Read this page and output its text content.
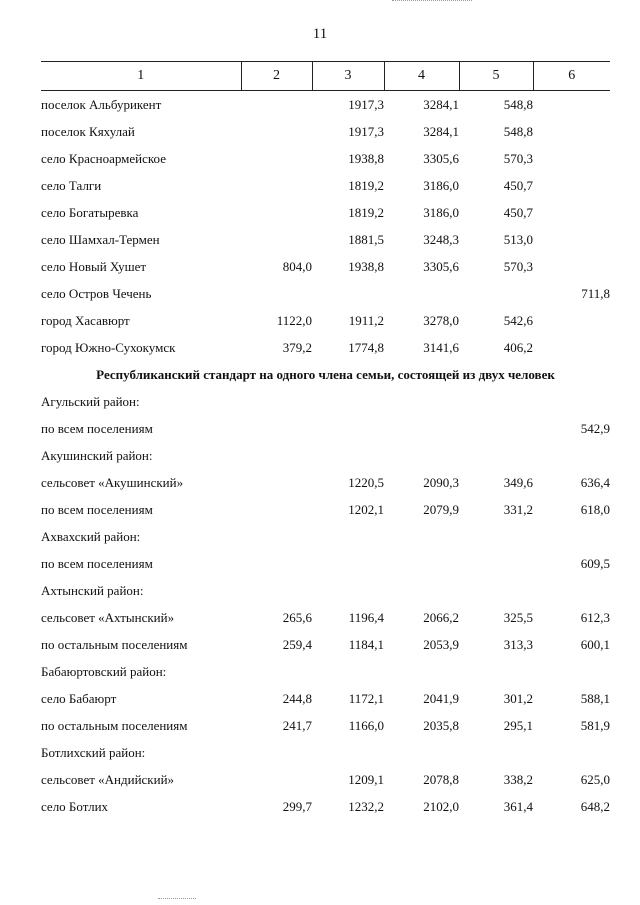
11
1	2	3	4	5	6
поселок Альбурикент		1917,3	3284,1	548,8	
поселок Кяхулай		1917,3	3284,1	548,8	
село Красноармейское		1938,8	3305,6	570,3	
село Талги		1819,2	3186,0	450,7	
село Богатыревка		1819,2	3186,0	450,7	
село Шамхал-Термен		1881,5	3248,3	513,0	
село Новый Хушет	804,0	1938,8	3305,6	570,3	
село Остров Чечень					711,8
город Хасавюрт	1122,0	1911,2	3278,0	542,6	
город Южно-Сухокумск	379,2	1774,8	3141,6	406,2	
Республиканский стандарт на одного члена семьи, состоящей из двух человек					
Агульский район:					
по всем поселениям					542,9
Акушинский район:					
сельсовет «Акушинский»		1220,5	2090,3	349,6	636,4
по всем поселениям		1202,1	2079,9	331,2	618,0
Ахвахский район:					
по всем поселениям					609,5
Ахтынский район:					
сельсовет «Ахтынский»	265,6	1196,4	2066,2	325,5	612,3
по остальным поселениям	259,4	1184,1	2053,9	313,3	600,1
Бабаюртовский район:					
село Бабаюрт	244,8	1172,1	2041,9	301,2	588,1
по остальным поселениям	241,7	1166,0	2035,8	295,1	581,9
Ботлихский район:					
сельсовет «Андийский»		1209,1	2078,8	338,2	625,0
село Ботлих	299,7	1232,2	2102,0	361,4	648,2
